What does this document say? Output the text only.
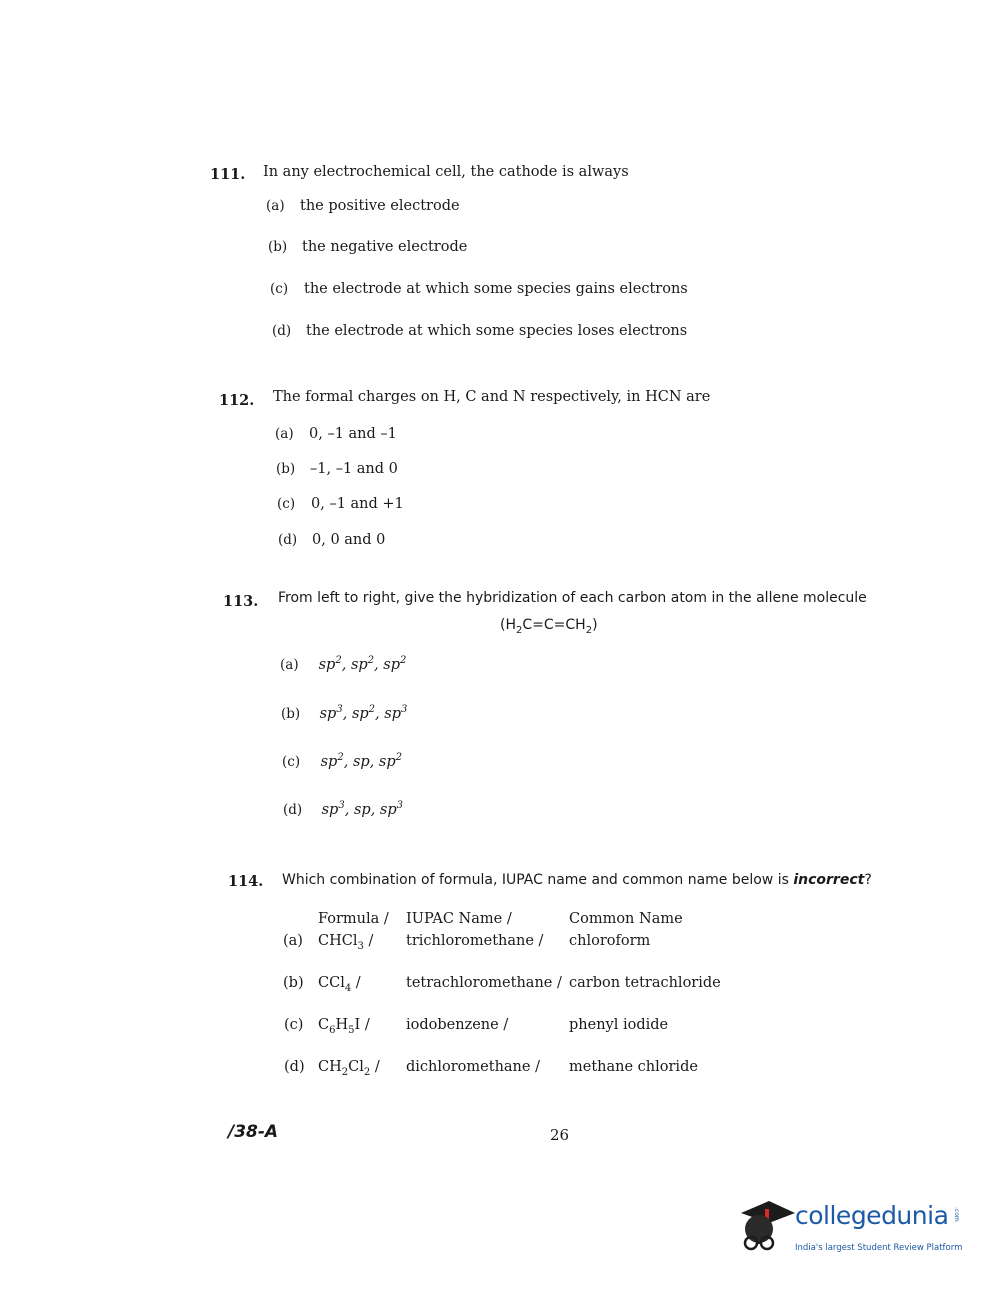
111. In any electrochemical cell, the cathode is always
(a) the positive electrode
(b) the negative electrode
(c) the electrode at which some species gains electrons
(d) the electrode at which some species loses electrons
112. The formal charges on H, C and N respectively, in HCN are
(a) 0, –1 and –1
(b) –1, –1 and 0
(c) 0, –1 and +1
(d) 0, 0 and 0
113. From left to right, give the hybridization of each carbon atom in the allene molecule
$(H_2C=C=CH_2)$
(a) $sp^2$, $sp^2$, $sp^2$
(b) $sp^3$, $sp^2$, $sp^3$
(c) $sp^2$, sp, $sp^2$
(d) $sp^3$, sp, $sp^3$
114. Which combination of formula, IUPAC name and common name below is incorrect?
Formula / IUPAC Name /	Common Name
(a) CHCl$_3$ / trichloromethane / chloroform
(b) CCl$_4$ /	tetrachloromethane / carbon tetrachloride
(c) $C_6H_5I$ /	iodobenzene /	phenyl iodide
(d) $CH_2Cl_2$ / dichloromethane / methane chloride
/38-A	26
collegedunia
India's largest Student Review Platform
.com
